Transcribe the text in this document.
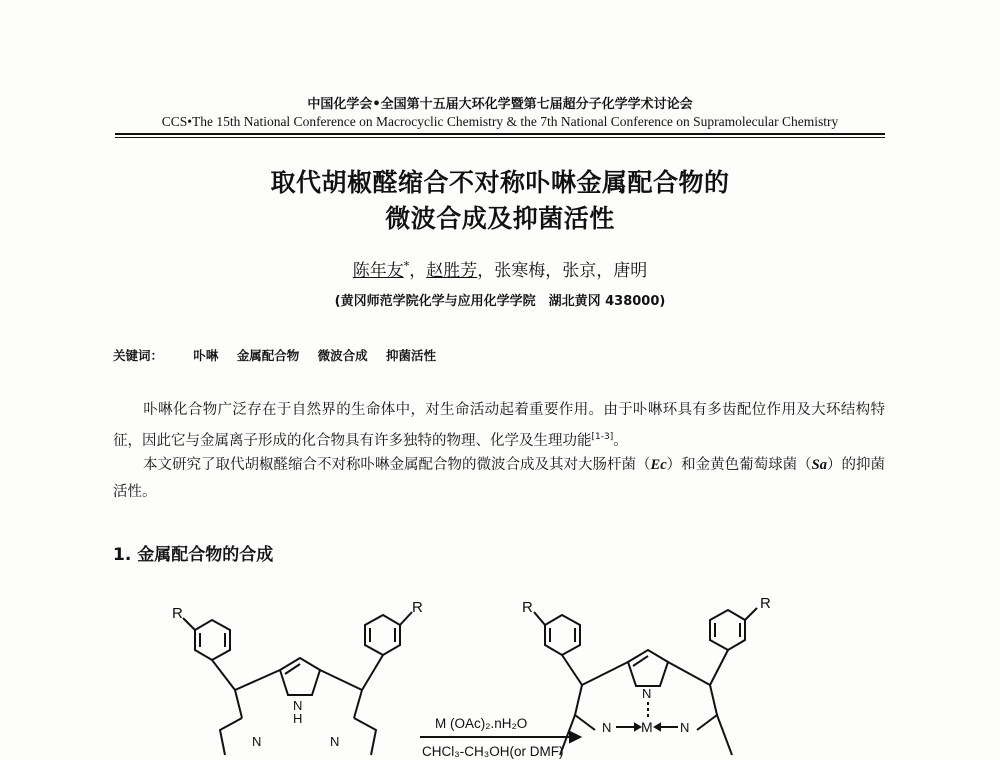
中国化学会•全国第十五届大环化学暨第七届超分子化学学术讨论会
CCS•The 15th National Conference on Macrocyclic Chemistry & the 7th National Conference on Supramolecular Chemistry
取代胡椒醛缩合不对称卟啉金属配合物的
微波合成及抑菌活性
陈年友*，赵胜芳，张寒梅，张京，唐明
(黄冈师范学院化学与应用化学学院　湖北黄冈 438000)
关键词： 卟啉 金属配合物 微波合成 抑菌活性
卟啉化合物广泛存在于自然界的生命体中，对生命活动起着重要作用。由于卟啉环具有多齿配位作用及大环结构特征，因此它与金属离子形成的化合物具有许多独特的物理、化学及生理功能[1-3]。
本文研究了取代胡椒醛缩合不对称卟啉金属配合物的微波合成及其对大肠杆菌（Ec）和金黄色葡萄球菌（Sa）的抑菌活性。
1. 金属配合物的合成
R
N
H
R
N	N
M (OAc)₂.nH₂O
CHCl₃-CH₃OH(or DMF)
R
N
M
R
N	N
